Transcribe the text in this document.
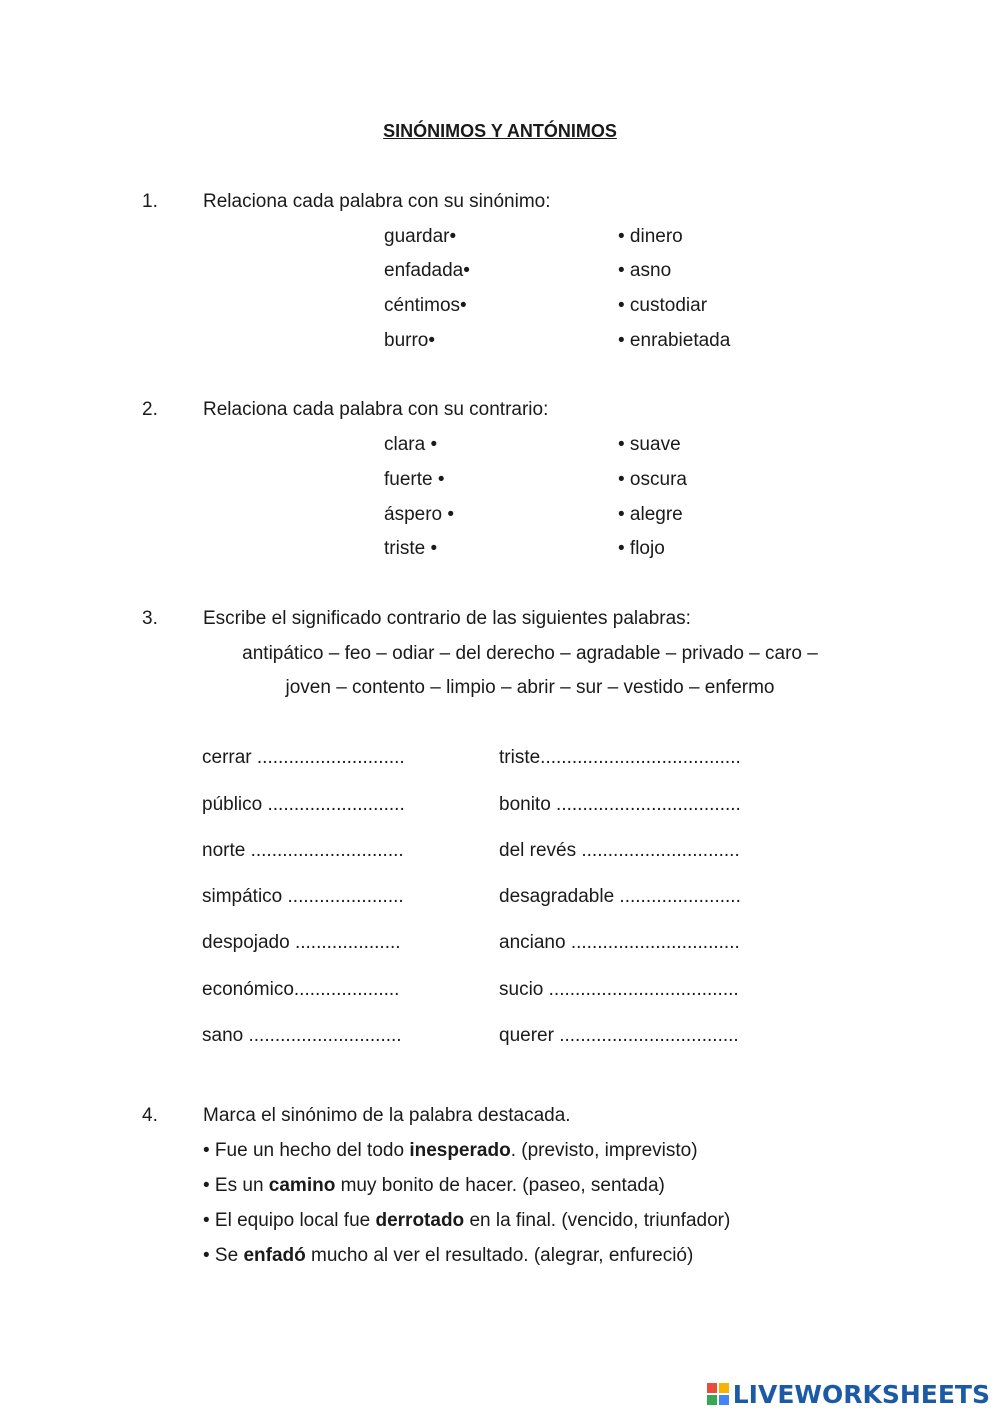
SINÓNIMOS Y ANTÓNIMOS
1. Relaciona cada palabra con su sinónimo:
guardar•
enfadada•
céntimos•
burro•
• dinero
• asno
• custodiar
• enrabietada
2. Relaciona cada palabra con su contrario:
clara •
fuerte •
áspero •
triste •
• suave
• oscura
• alegre
• flojo
3. Escribe el significado contrario de las siguientes palabras:
antipático – feo – odiar – del derecho – agradable – privado – caro –
joven – contento – limpio – abrir – sur – vestido – enfermo
cerrar ............................
público ..........................
norte .............................
simpático ......................
despojado ....................
económico....................
sano .............................
triste......................................
bonito ...................................
del revés ..............................
desagradable .......................
anciano ................................
sucio ....................................
querer ..................................
4. Marca el sinónimo de la palabra destacada.
• Fue un hecho del todo inesperado. (previsto, imprevisto)
• Es un camino muy bonito de hacer. (paseo, sentada)
• El equipo local fue derrotado en la final. (vencido, triunfador)
• Se enfadó mucho al ver el resultado. (alegrar, enfureció)
LIVEWORKSHEETS
